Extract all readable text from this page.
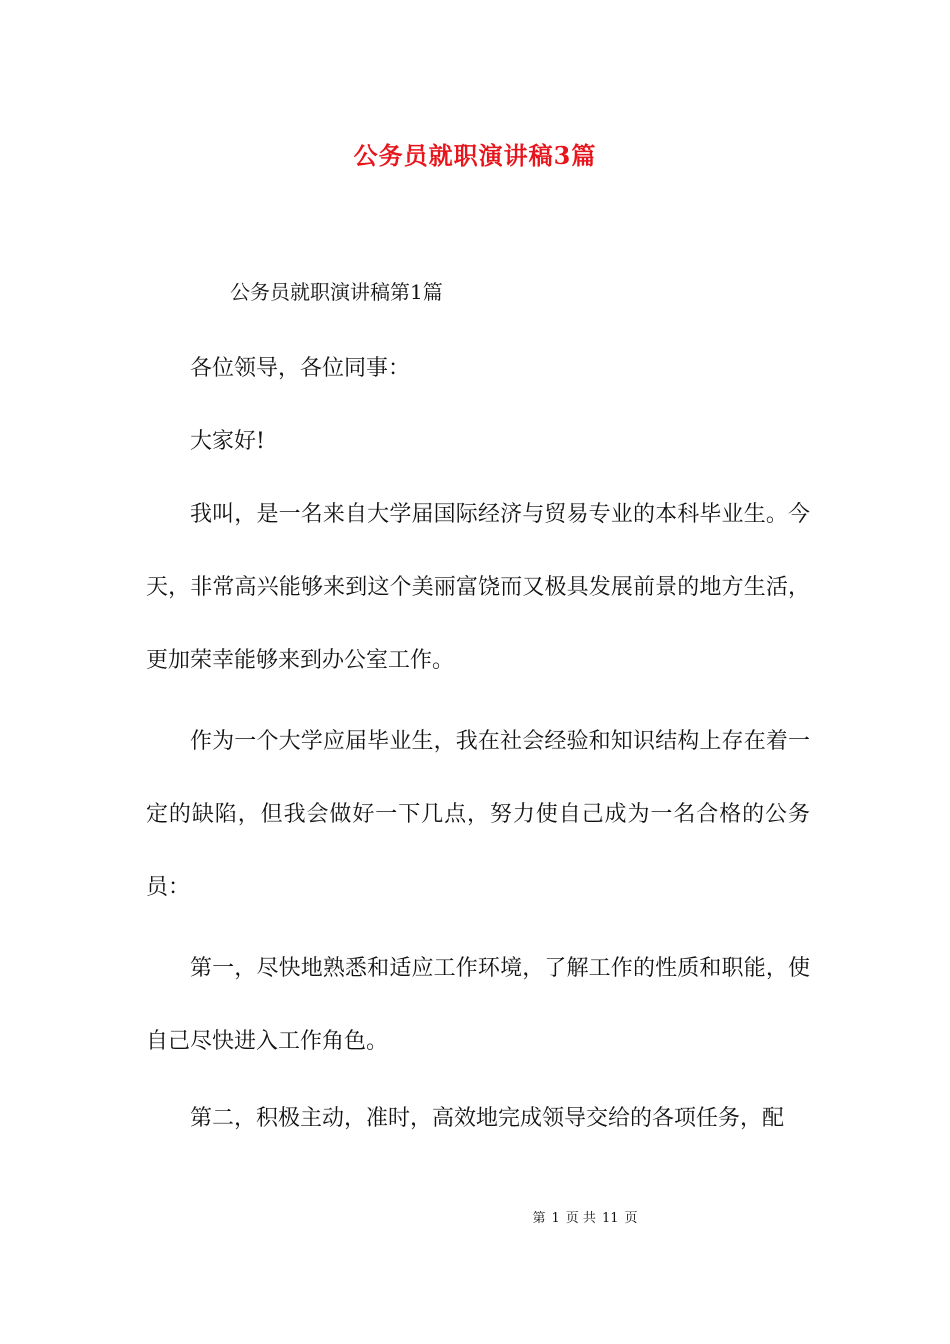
公务员就职演讲稿3篇
公务员就职演讲稿第1篇
各位领导，各位同事：
大家好!
我叫，是一名来自大学届国际经济与贸易专业的本科毕业生。今天，非常高兴能够来到这个美丽富饶而又极具发展前景的地方生活，更加荣幸能够来到办公室工作。
作为一个大学应届毕业生，我在社会经验和知识结构上存在着一定的缺陷，但我会做好一下几点，努力使自己成为一名合格的公务员：
第一，尽快地熟悉和适应工作环境，了解工作的性质和职能，使自己尽快进入工作角色。
第二，积极主动，准时，高效地完成领导交给的各项任务，配
第 1 页 共 11 页
